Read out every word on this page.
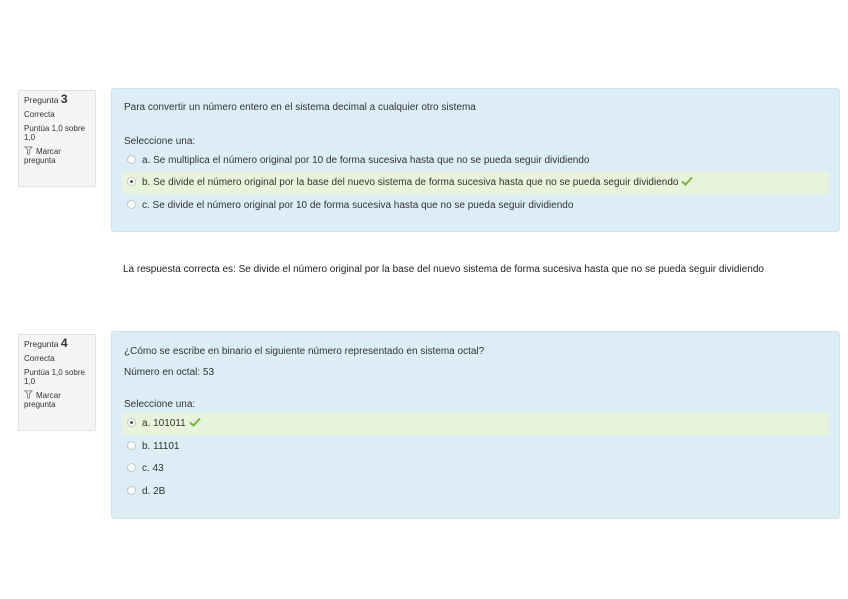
Pregunta 3
Correcta
Puntúa 1,0 sobre 1,0
Marcar pregunta
Para convertir un número entero en el sistema decimal a cualquier otro sistema
Seleccione una:
a. Se multiplica el número original por 10 de forma sucesiva hasta que no se pueda seguir dividiendo
b. Se divide el número original por la base del nuevo sistema de forma sucesiva hasta que no se pueda seguir dividiendo
c. Se divide el número original por 10 de forma sucesiva hasta que no se pueda seguir dividiendo
La respuesta correcta es: Se divide el número original por la base del nuevo sistema de forma sucesiva hasta que no se pueda seguir dividiendo
Pregunta 4
Correcta
Puntúa 1,0 sobre 1,0
Marcar pregunta
¿Cómo se escribe en binario el siguiente número representado en sistema octal?
Número en octal: 53
Seleccione una:
a. 101011
b. 11101
c. 43
d. 2B
